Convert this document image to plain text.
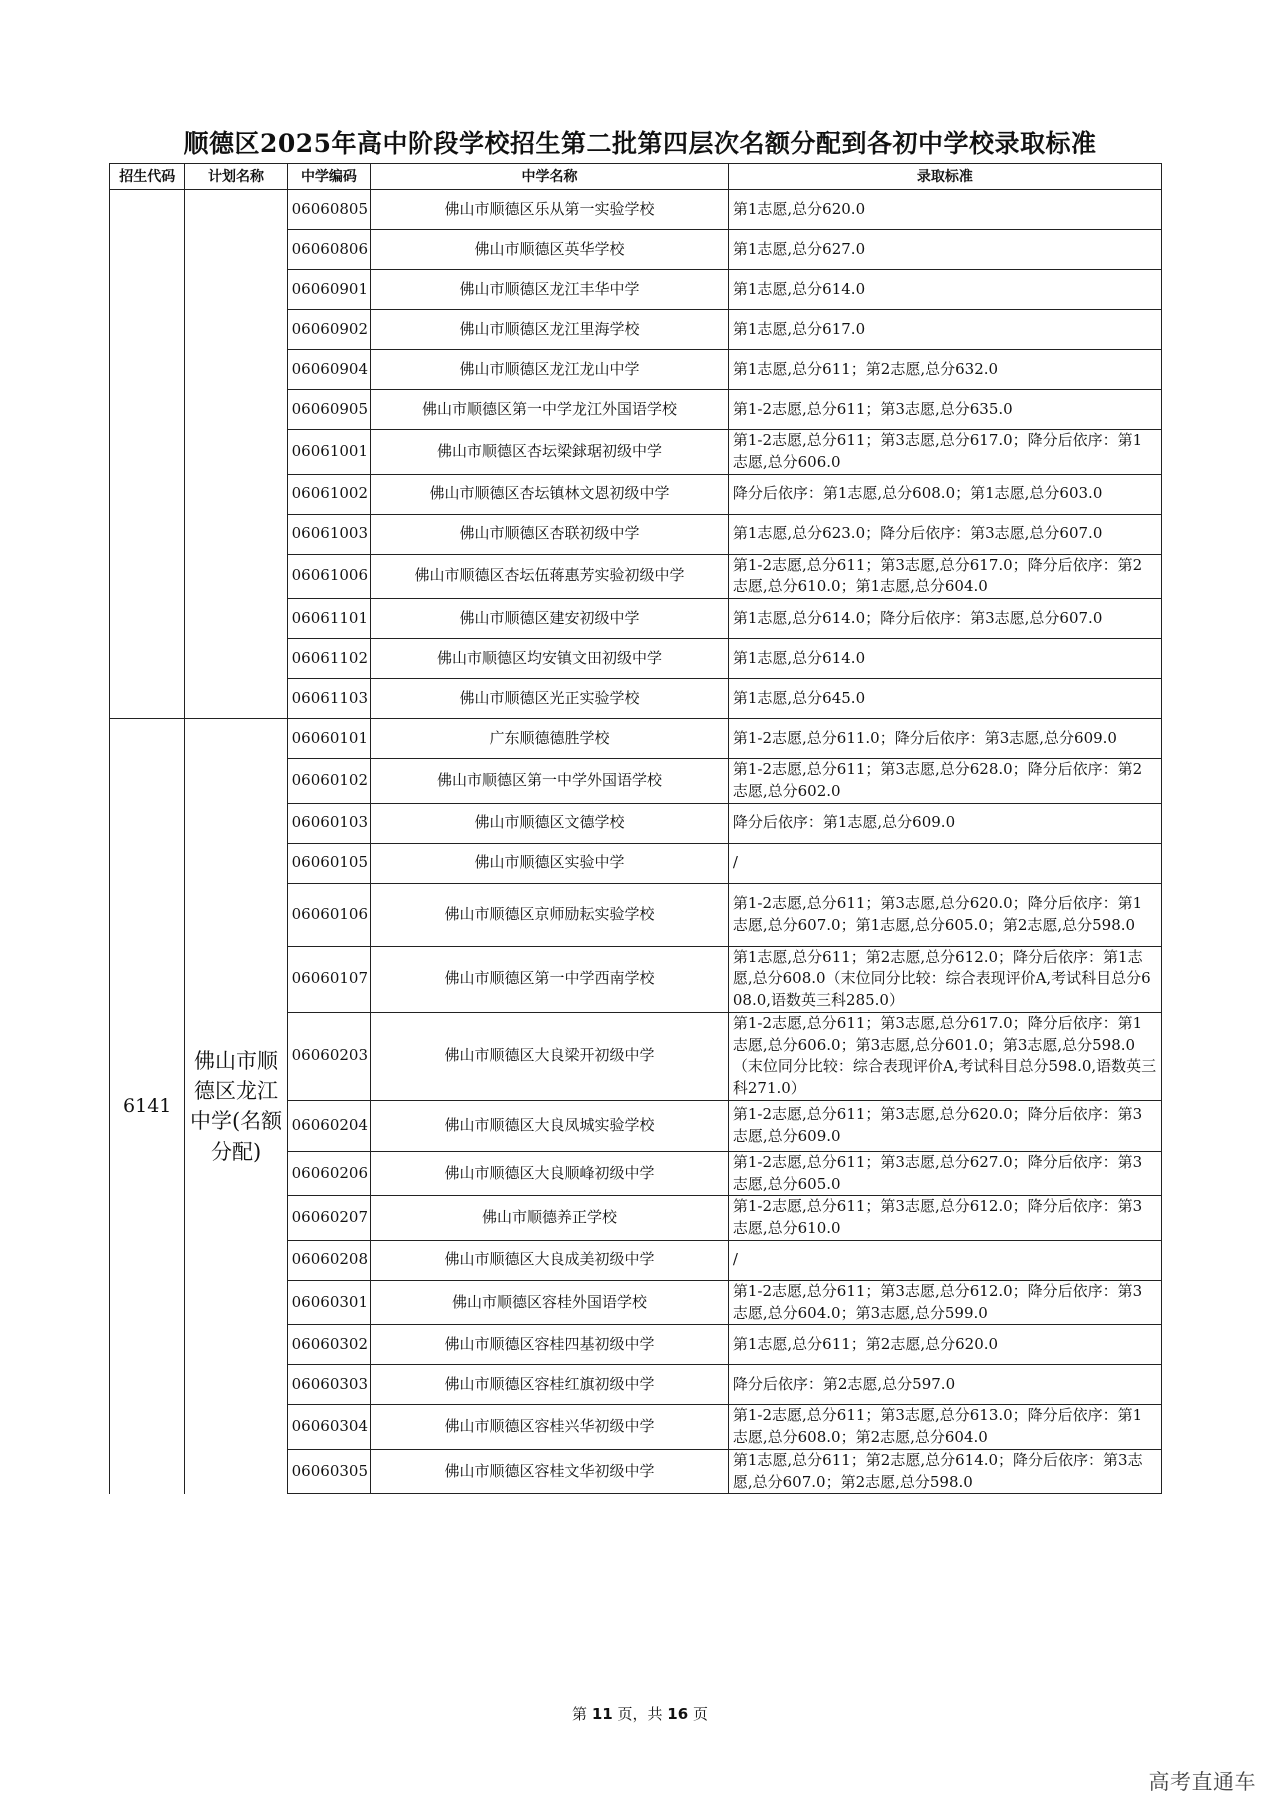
顺德区2025年高中阶段学校招生第二批第四层次名额分配到各初中学校录取标准
招生代码	计划名称	中学编码	中学名称	录取标准
		06060805	佛山市顺德区乐从第一实验学校	第1志愿,总分620.0
		06060806	佛山市顺德区英华学校	第1志愿,总分627.0
		06060901	佛山市顺德区龙江丰华中学	第1志愿,总分614.0
		06060902	佛山市顺德区龙江里海学校	第1志愿,总分617.0
		06060904	佛山市顺德区龙江龙山中学	第1志愿,总分611；第2志愿,总分632.0
		06060905	佛山市顺德区第一中学龙江外国语学校	第1-2志愿,总分611；第3志愿,总分635.0
		06061001	佛山市顺德区杏坛梁銶琚初级中学	第1-2志愿,总分611；第3志愿,总分617.0；降分后依序：第1志愿,总分606.0
		06061002	佛山市顺德区杏坛镇林文恩初级中学	降分后依序：第1志愿,总分608.0；第1志愿,总分603.0
		06061003	佛山市顺德区杏联初级中学	第1志愿,总分623.0；降分后依序：第3志愿,总分607.0
		06061006	佛山市顺德区杏坛伍蒋惠芳实验初级中学	第1-2志愿,总分611；第3志愿,总分617.0；降分后依序：第2志愿,总分610.0；第1志愿,总分604.0
		06061101	佛山市顺德区建安初级中学	第1志愿,总分614.0；降分后依序：第3志愿,总分607.0
		06061102	佛山市顺德区均安镇文田初级中学	第1志愿,总分614.0
		06061103	佛山市顺德区光正实验学校	第1志愿,总分645.0
6141	佛山市顺德区龙江中学(名额分配)	06060101	广东顺德德胜学校	第1-2志愿,总分611.0；降分后依序：第3志愿,总分609.0
		06060102	佛山市顺德区第一中学外国语学校	第1-2志愿,总分611；第3志愿,总分628.0；降分后依序：第2志愿,总分602.0
		06060103	佛山市顺德区文德学校	降分后依序：第1志愿,总分609.0
		06060105	佛山市顺德区实验中学	/
		06060106	佛山市顺德区京师励耘实验学校	第1-2志愿,总分611；第3志愿,总分620.0；降分后依序：第1志愿,总分607.0；第1志愿,总分605.0；第2志愿,总分598.0
		06060107	佛山市顺德区第一中学西南学校	第1志愿,总分611；第2志愿,总分612.0；降分后依序：第1志愿,总分608.0（末位同分比较：综合表现评价A,考试科目总分608.0,语数英三科285.0）
		06060203	佛山市顺德区大良梁开初级中学	第1-2志愿,总分611；第3志愿,总分617.0；降分后依序：第1志愿,总分606.0；第3志愿,总分601.0；第3志愿,总分598.0（末位同分比较：综合表现评价A,考试科目总分598.0,语数英三科271.0）
		06060204	佛山市顺德区大良凤城实验学校	第1-2志愿,总分611；第3志愿,总分620.0；降分后依序：第3志愿,总分609.0
		06060206	佛山市顺德区大良顺峰初级中学	第1-2志愿,总分611；第3志愿,总分627.0；降分后依序：第3志愿,总分605.0
		06060207	佛山市顺德养正学校	第1-2志愿,总分611；第3志愿,总分612.0；降分后依序：第3志愿,总分610.0
		06060208	佛山市顺德区大良成美初级中学	/
		06060301	佛山市顺德区容桂外国语学校	第1-2志愿,总分611；第3志愿,总分612.0；降分后依序：第3志愿,总分604.0；第3志愿,总分599.0
		06060302	佛山市顺德区容桂四基初级中学	第1志愿,总分611；第2志愿,总分620.0
		06060303	佛山市顺德区容桂红旗初级中学	降分后依序：第2志愿,总分597.0
		06060304	佛山市顺德区容桂兴华初级中学	第1-2志愿,总分611；第3志愿,总分613.0；降分后依序：第1志愿,总分608.0；第2志愿,总分604.0
		06060305	佛山市顺德区容桂文华初级中学	第1志愿,总分611；第2志愿,总分614.0；降分后依序：第3志愿,总分607.0；第2志愿,总分598.0
第 11 页，共 16 页
高考直通车
